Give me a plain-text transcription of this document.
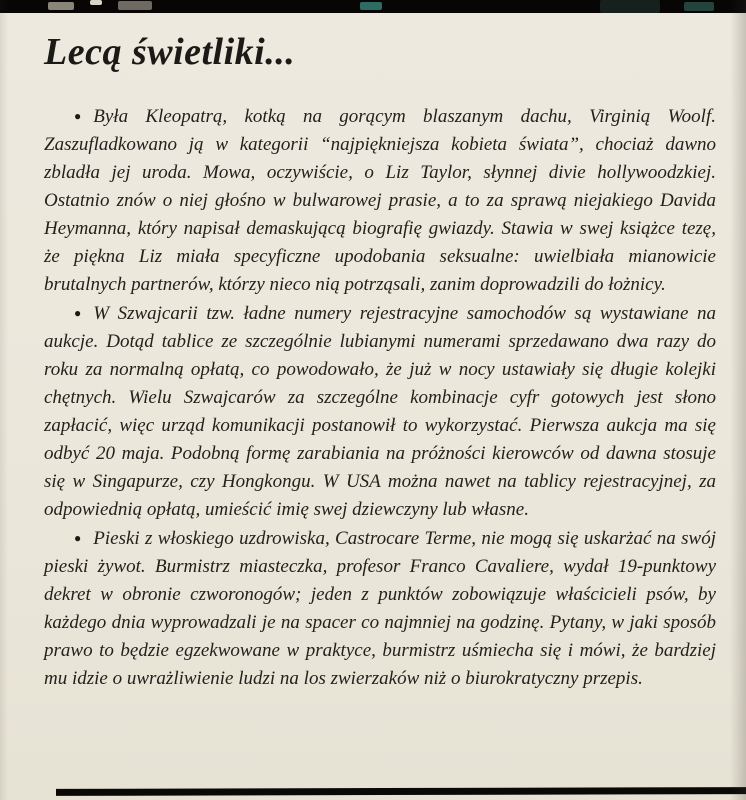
Lecą świetliki...

● Była Kleopatrą, kotką na gorącym blaszanym dachu, Virginią Woolf. Zaszufladkowano ją w kategorii “najpiękniejsza kobieta świata”, chociaż dawno zbladła jej uroda. Mowa, oczywiście, o Liz Taylor, słynnej divie hollywoodzkiej. Ostatnio znów o niej głośno w bulwarowej prasie, a to za sprawą niejakiego Davida Heymanna, który napisał demaskującą biografię gwiazdy. Stawia w swej książce tezę, że piękna Liz miała specyficzne upodobania seksualne: uwielbiała mianowicie brutalnych partnerów, którzy nieco nią potrząsali, zanim doprowadzili do łożnicy.

● W Szwajcarii tzw. ładne numery rejestracyjne samochodów są wystawiane na aukcje. Dotąd tablice ze szczególnie lubianymi numerami sprzedawano dwa razy do roku za normalną opłatą, co powodowało, że już w nocy ustawiały się długie kolejki chętnych. Wielu Szwajcarów za szczególne kombinacje cyfr gotowych jest słono zapłacić, więc urząd komunikacji postanowił to wykorzystać. Pierwsza aukcja ma się odbyć 20 maja. Podobną formę zarabiania na próżności kierowców od dawna stosuje się w Singapurze, czy Hongkongu. W USA można nawet na tablicy rejestracyjnej, za odpowiednią opłatą, umieścić imię swej dziewczyny lub własne.

● Pieski z włoskiego uzdrowiska, Castrocare Terme, nie mogą się uskarżać na swój pieski żywot. Burmistrz miasteczka, profesor Franco Cavaliere, wydał 19-punktowy dekret w obronie czworonogów; jeden z punktów zobowiązuje właścicieli psów, by każdego dnia wyprowadzali je na spacer co najmniej na godzinę. Pytany, w jaki sposób prawo to będzie egzekwowane w praktyce, burmistrz uśmiecha się i mówi, że bardziej mu idzie o uwrażliwienie ludzi na los zwierzaków niż o biurokratyczny przepis.
